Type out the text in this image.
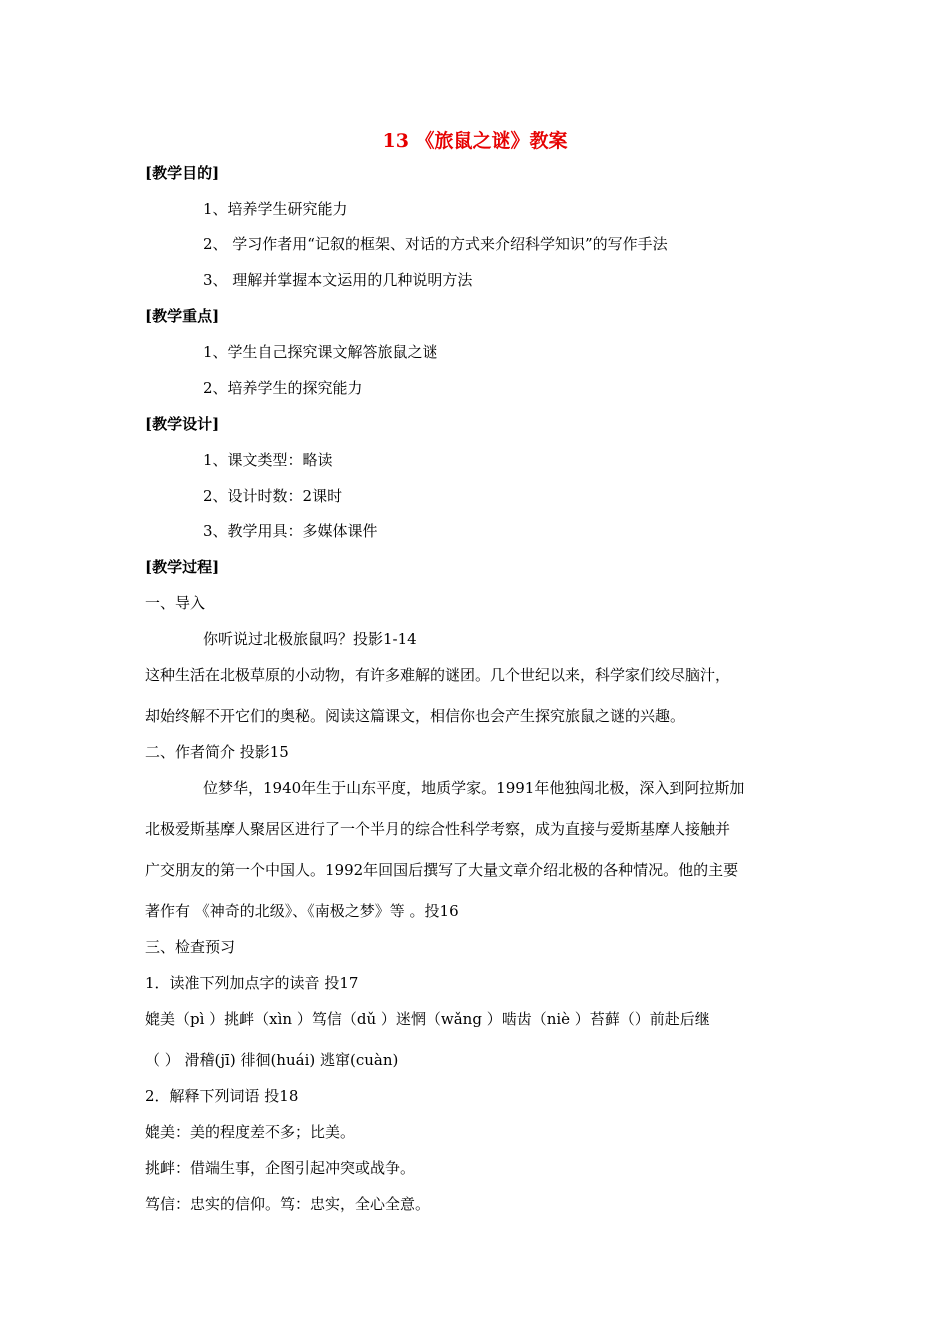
13 《旅鼠之谜》教案
[教学目的]
1、培养学生研究能力
2、 学习作者用“记叙的框架、对话的方式来介绍科学知识”的写作手法
3、 理解并掌握本文运用的几种说明方法
[教学重点]
1、学生自己探究课文解答旅鼠之谜
2、培养学生的探究能力
[教学设计]
1、课文类型：略读
2、设计时数：2课时
3、教学用具：多媒体课件
[教学过程]
一、导入
你听说过北极旅鼠吗？投影1-14
这种生活在北极草原的小动物，有许多难解的谜团。几个世纪以来，科学家们绞尽脑汁，
却始终解不开它们的奥秘。阅读这篇课文，相信你也会产生探究旅鼠之谜的兴趣。
二、作者简介 投影15
位梦华，1940年生于山东平度，地质学家。1991年他独闯北极，深入到阿拉斯加
北极爱斯基摩人聚居区进行了一个半月的综合性科学考察，成为直接与爱斯基摩人接触并
广交朋友的第一个中国人。1992年回国后撰写了大量文章介绍北极的各种情况。他的主要
著作有 《神奇的北级》、《南极之梦》等 。投16
三、检查预习
1．读准下列加点字的读音 投17
媲美（pì ）挑衅（xìn ）笃信（dǔ ）迷惘（wǎng ）啮齿（niè ）苔藓（）前赴后继
（ ） 滑稽(jī) 徘徊(huái) 逃窜(cuàn)
2．解释下列词语 投18
媲美：美的程度差不多；比美。
挑衅：借端生事，企图引起冲突或战争。
笃信：忠实的信仰。笃：忠实，全心全意。
